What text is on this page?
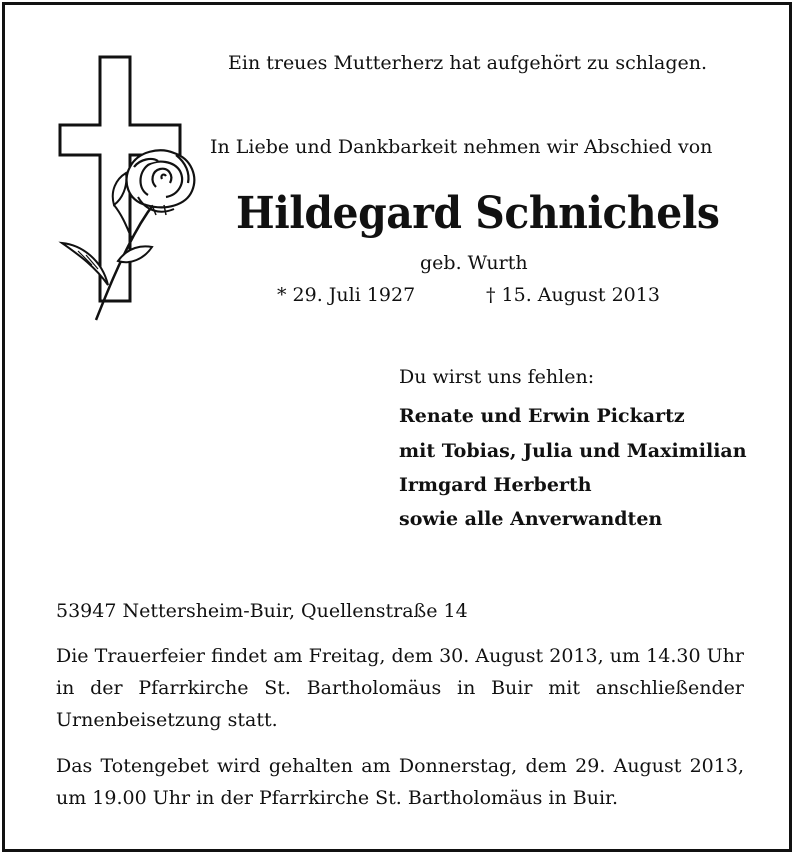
Ein treues Mutterherz hat aufgehört zu schlagen.
In Liebe und Dankbarkeit nehmen wir Abschied von
Hildegard Schnichels
geb. Wurth
* 29. Juli 1927	† 15. August 2013
Du wirst uns fehlen:
Renate und Erwin Pickartz
mit Tobias, Julia und Maximilian
Irmgard Herberth
sowie alle Anverwandten
53947 Nettersheim-Buir, Quellenstraße 14
Die Trauerfeier findet am Freitag, dem 30. August 2013, um 14.30 Uhr in der Pfarrkirche St. Bartholomäus in Buir mit anschließender Urnenbeisetzung statt.
Das Totengebet wird gehalten am Donnerstag, dem 29. August 2013, um 19.00 Uhr in der Pfarrkirche St. Bartholomäus in Buir.
